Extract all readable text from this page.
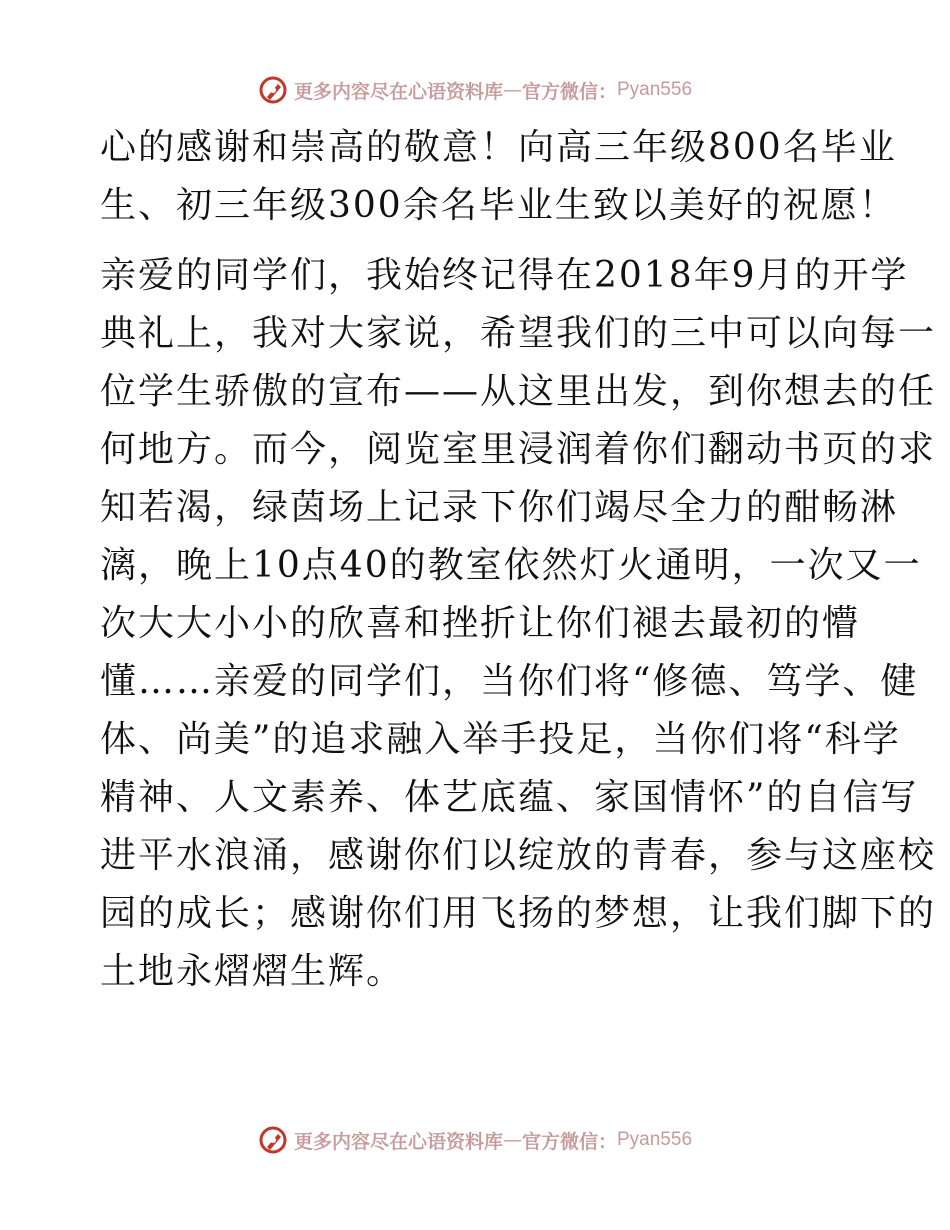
更多内容尽在心语资料库 — 官方微信： Pyan556
心的感谢和崇高的敬意！向高三年级800名毕业
生、初三年级300余名毕业生致以美好的祝愿！
亲爱的同学们，我始终记得在2018年9月的开学
典礼上，我对大家说，希望我们的三中可以向每一
位学生骄傲的宣布——从这里出发，到你想去的任
何地方。而今，阅览室里浸润着你们翻动书页的求
知若渴，绿茵场上记录下你们竭尽全力的酣畅淋
漓，晚上10点40的教室依然灯火通明，一次又一
次大大小小的欣喜和挫折让你们褪去最初的懵
懂……亲爱的同学们，当你们将“修德、笃学、健
体、尚美”的追求融入举手投足，当你们将“科学
精神、人文素养、体艺底蕴、家国情怀”的自信写
进平水浪涌，感谢你们以绽放的青春，参与这座校
园的成长；感谢你们用飞扬的梦想，让我们脚下的
土地永熠熠生辉。
更多内容尽在心语资料库 — 官方微信： Pyan556
